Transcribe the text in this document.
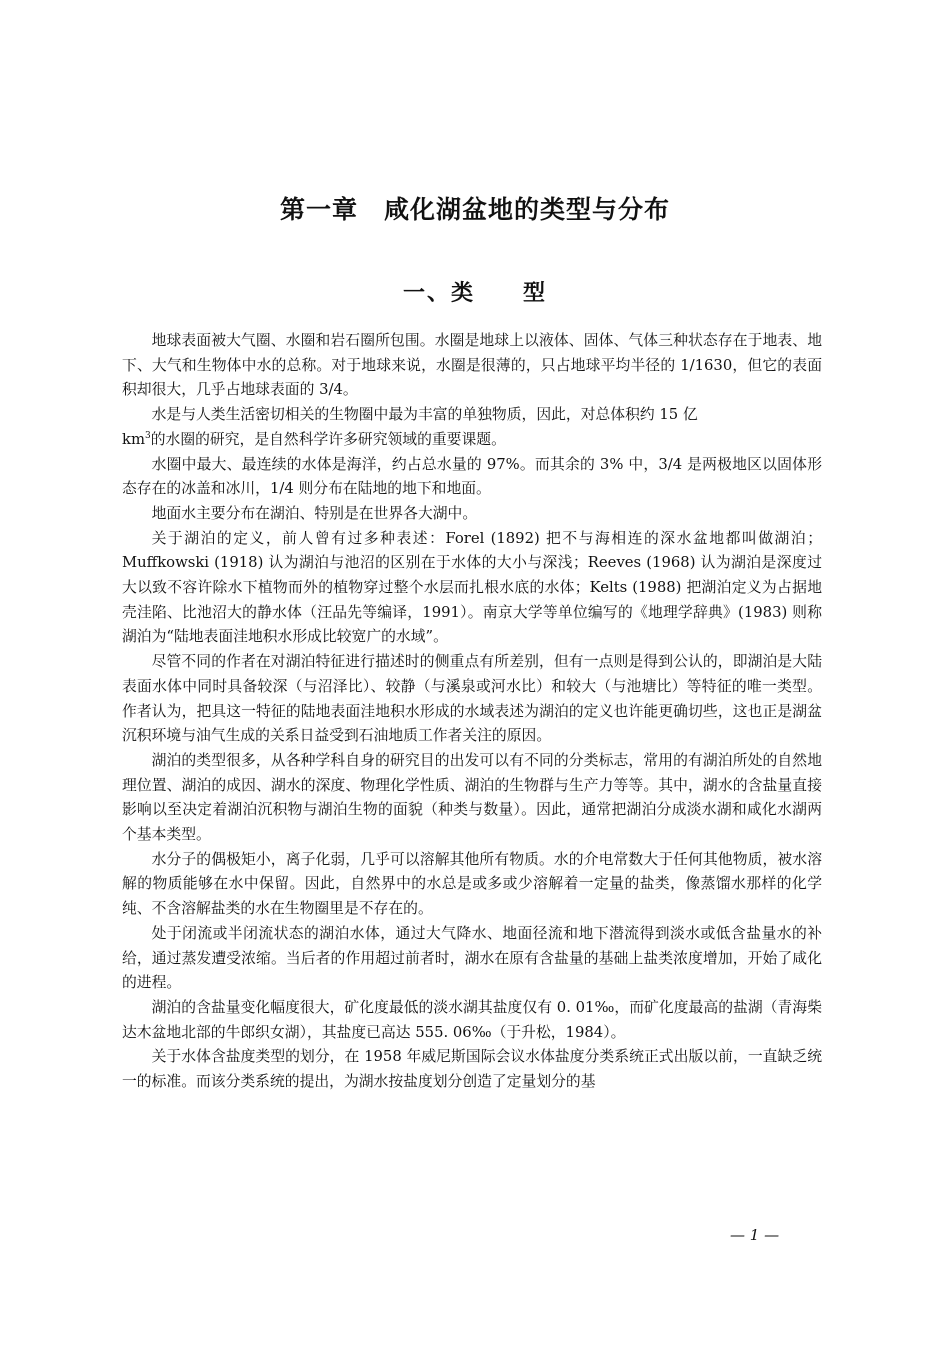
第一章　咸化湖盆地的类型与分布
一、类　　型

地球表面被大气圈、水圈和岩石圈所包围。水圈是地球上以液体、固体、气体三种状态存在于地表、地下、大气和生物体中水的总称。对于地球来说，水圈是很薄的，只占地球平均半径的 1/1630，但它的表面积却很大，几乎占地球表面的 3/4。

水是与人类生活密切相关的生物圈中最为丰富的单独物质，因此，对总体积约 15 亿
$km^3$的水圈的研究，是自然科学许多研究领域的重要课题。

水圈中最大、最连续的水体是海洋，约占总水量的 97%。而其余的 3% 中，3/4 是两极地区以固体形态存在的冰盖和冰川，1/4 则分布在陆地的地下和地面。

地面水主要分布在湖泊、特别是在世界各大湖中。

关于湖泊的定义，前人曾有过多种表述：Forel (1892) 把不与海相连的深水盆地都叫做湖泊；Muffkowski (1918) 认为湖泊与池沼的区别在于水体的大小与深浅；Reeves (1968) 认为湖泊是深度过大以致不容许除水下植物而外的植物穿过整个水层而扎根水底的水体；Kelts (1988) 把湖泊定义为占据地壳洼陷、比池沼大的静水体（汪品先等编译，1991）。南京大学等单位编写的《地理学辞典》(1983) 则称湖泊为“陆地表面洼地积水形成比较宽广的水域”。

尽管不同的作者在对湖泊特征进行描述时的侧重点有所差别，但有一点则是得到公认的，即湖泊是大陆表面水体中同时具备较深（与沼泽比）、较静（与溪泉或河水比）和较大（与池塘比）等特征的唯一类型。作者认为，把具这一特征的陆地表面洼地积水形成的水域表述为湖泊的定义也许能更确切些，这也正是湖盆沉积环境与油气生成的关系日益受到石油地质工作者关注的原因。

湖泊的类型很多，从各种学科自身的研究目的出发可以有不同的分类标志，常用的有湖泊所处的自然地理位置、湖泊的成因、湖水的深度、物理化学性质、湖泊的生物群与生产力等等。其中，湖水的含盐量直接影响以至决定着湖泊沉积物与湖泊生物的面貌（种类与数量）。因此，通常把湖泊分成淡水湖和咸化水湖两个基本类型。

水分子的偶极矩小，离子化弱，几乎可以溶解其他所有物质。水的介电常数大于任何其他物质，被水溶解的物质能够在水中保留。因此，自然界中的水总是或多或少溶解着一定量的盐类，像蒸馏水那样的化学纯、不含溶解盐类的水在生物圈里是不存在的。

处于闭流或半闭流状态的湖泊水体，通过大气降水、地面径流和地下潜流得到淡水或低含盐量水的补给，通过蒸发遭受浓缩。当后者的作用超过前者时，湖水在原有含盐量的基础上盐类浓度增加，开始了咸化的进程。

湖泊的含盐量变化幅度很大，矿化度最低的淡水湖其盐度仅有 0. 01‰，而矿化度最高的盐湖（青海柴达木盆地北部的牛郎织女湖），其盐度已高达 555. 06‰（于升松，1984）。

关于水体含盐度类型的划分，在 1958 年威尼斯国际会议水体盐度分类系统正式出版以前，一直缺乏统一的标准。而该分类系统的提出，为湖水按盐度划分创造了定量划分的基

— 1 —
